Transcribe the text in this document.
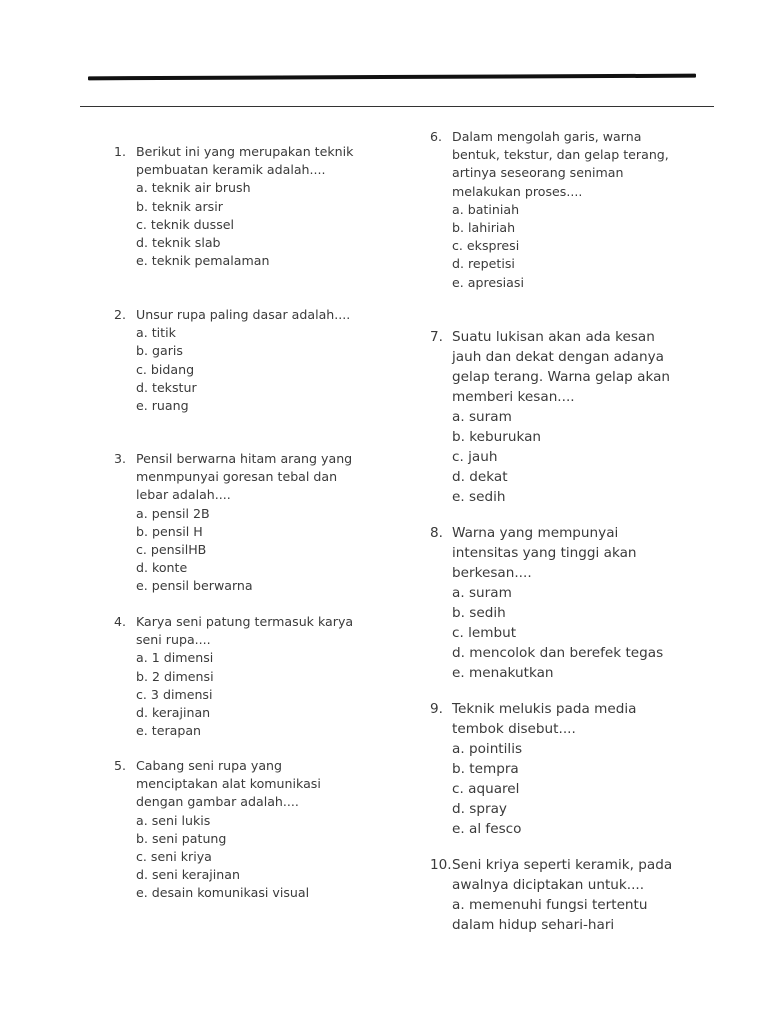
1. Berikut ini yang merupakan teknik
pembuatan keramik adalah....
a. teknik air brush
b. teknik arsir
c. teknik dussel
d. teknik slab
e. teknik pemalaman
2. Unsur rupa paling dasar adalah....
a. titik
b. garis
c. bidang
d. tekstur
e. ruang
3. Pensil berwarna hitam arang yang
menmpunyai goresan tebal dan
lebar adalah....
a. pensil 2B
b. pensil H
c. pensilHB
d. konte
e. pensil berwarna
4. Karya seni patung termasuk karya
seni rupa....
a. 1 dimensi
b. 2 dimensi
c. 3 dimensi
d. kerajinan
e. terapan
5. Cabang seni rupa yang
menciptakan alat komunikasi
dengan gambar adalah....
a. seni lukis
b. seni patung
c. seni kriya
d. seni kerajinan
e. desain komunikasi visual
6. Dalam mengolah garis, warna
bentuk, tekstur, dan gelap terang,
artinya seseorang seniman
melakukan proses....
a. batiniah
b. lahiriah
c. ekspresi
d. repetisi
e. apresiasi
7. Suatu lukisan akan ada kesan
jauh dan dekat dengan adanya
gelap terang. Warna gelap akan
memberi kesan....
a. suram
b. keburukan
c. jauh
d. dekat
e. sedih
8. Warna yang mempunyai
intensitas yang tinggi akan
berkesan....
a. suram
b. sedih
c. lembut
d. mencolok dan berefek tegas
e. menakutkan
9. Teknik melukis pada media
tembok disebut....
a. pointilis
b. tempra
c. aquarel
d. spray
e. al fesco
10. Seni kriya seperti keramik, pada
awalnya diciptakan untuk....
a. memenuhi fungsi tertentu
dalam hidup sehari-hari
